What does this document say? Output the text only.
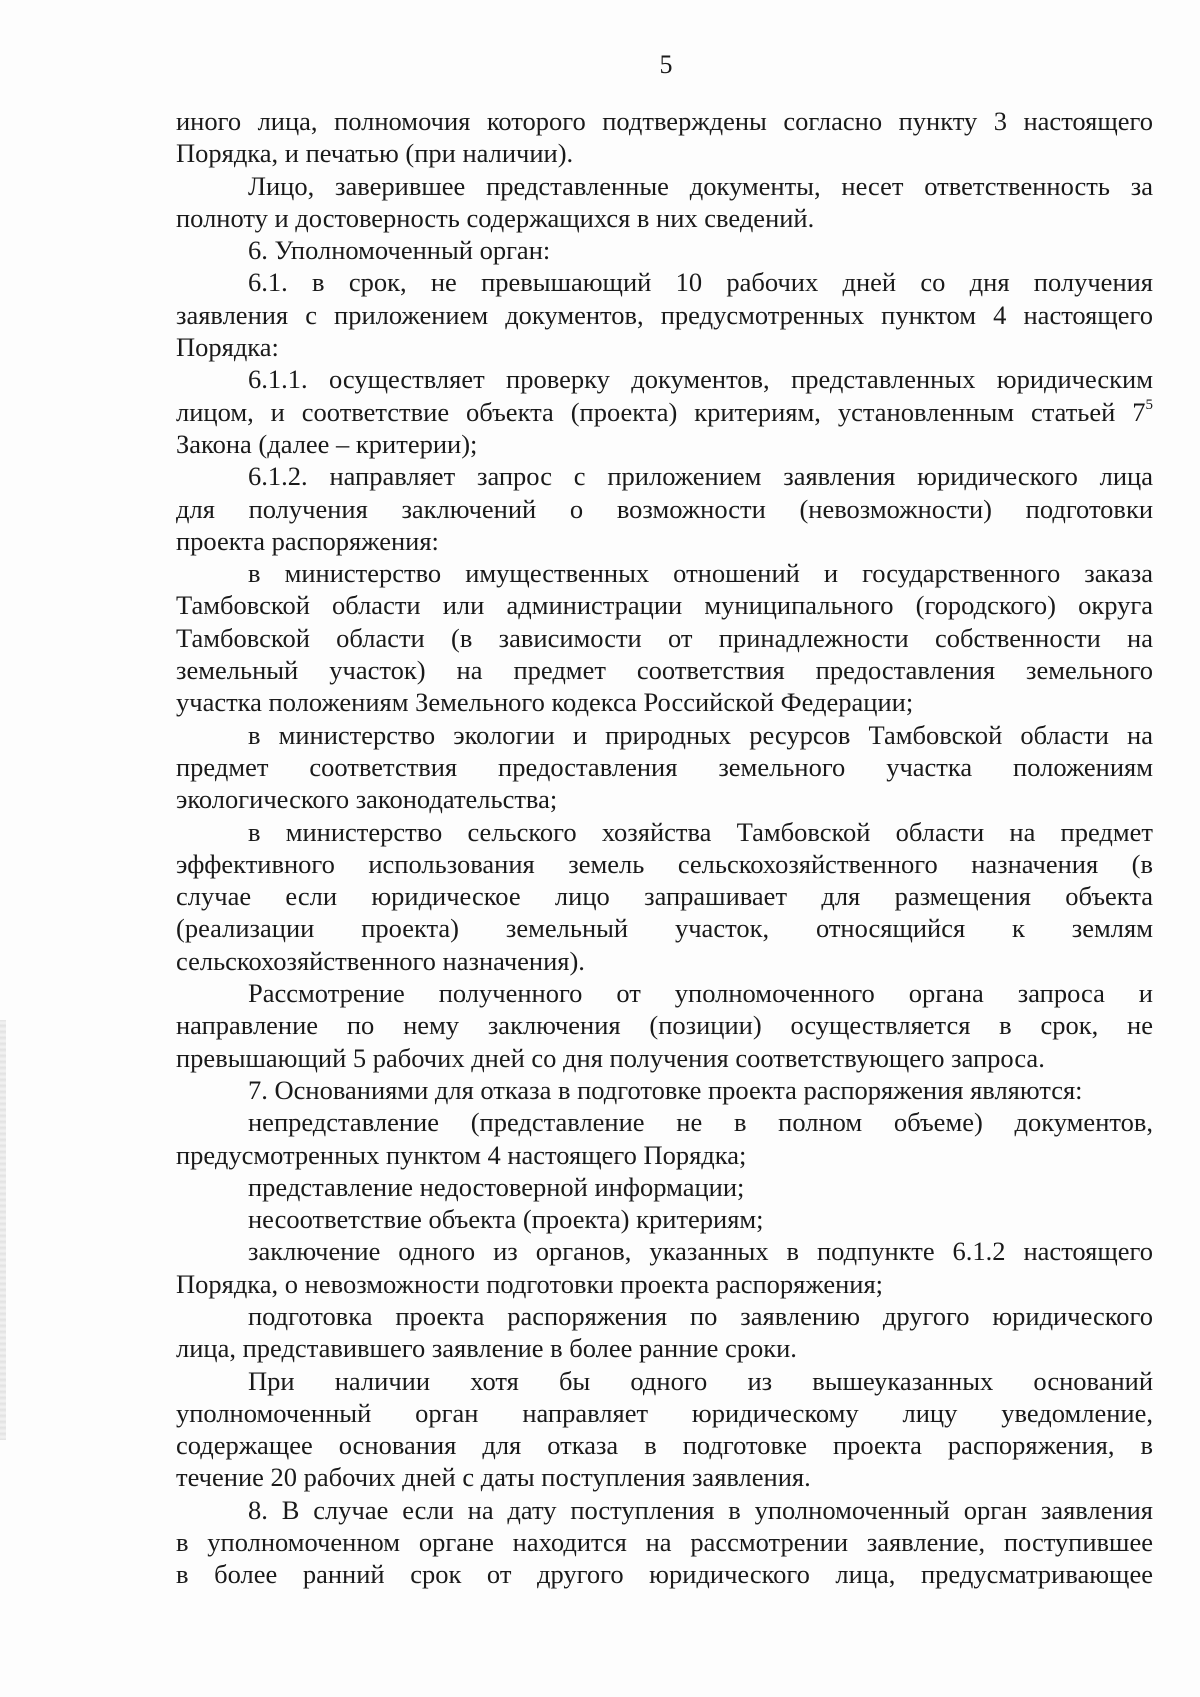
5
иного лица, полномочия которого подтверждены согласно пункту 3 настоящего
Порядка, и печатью (при наличии).
Лицо, заверившее представленные документы, несет ответственность за
полноту и достоверность содержащихся в них сведений.
6. Уполномоченный орган:
6.1. в срок, не превышающий 10 рабочих дней со дня получения
заявления с приложением документов, предусмотренных пунктом 4 настоящего
Порядка:
6.1.1. осуществляет проверку документов, представленных юридическим
лицом, и соответствие объекта (проекта) критериям, установленным статьей $7^5$
Закона (далее – критерии);
6.1.2. направляет запрос с приложением заявления юридического лица
для получения заключений о возможности (невозможности) подготовки
проекта распоряжения:
в министерство имущественных отношений и государственного заказа
Тамбовской области или администрации муниципального (городского) округа
Тамбовской области (в зависимости от принадлежности собственности на
земельный участок) на предмет соответствия предоставления земельного
участка положениям Земельного кодекса Российской Федерации;
в министерство экологии и природных ресурсов Тамбовской области на
предмет соответствия предоставления земельного участка положениям
экологического законодательства;
в министерство сельского хозяйства Тамбовской области на предмет
эффективного использования земель сельскохозяйственного назначения (в
случае если юридическое лицо запрашивает для размещения объекта
(реализации проекта) земельный участок, относящийся к землям
сельскохозяйственного назначения).
Рассмотрение полученного от уполномоченного органа запроса и
направление по нему заключения (позиции) осуществляется в срок, не
превышающий 5 рабочих дней со дня получения соответствующего запроса.
7. Основаниями для отказа в подготовке проекта распоряжения являются:
непредставление (представление не в полном объеме) документов,
предусмотренных пунктом 4 настоящего Порядка;
представление недостоверной информации;
несоответствие объекта (проекта) критериям;
заключение одного из органов, указанных в подпункте 6.1.2 настоящего
Порядка, о невозможности подготовки проекта распоряжения;
подготовка проекта распоряжения по заявлению другого юридического
лица, представившего заявление в более ранние сроки.
При наличии хотя бы одного из вышеуказанных оснований
уполномоченный орган направляет юридическому лицу уведомление,
содержащее основания для отказа в подготовке проекта распоряжения, в
течение 20 рабочих дней с даты поступления заявления.
8. В случае если на дату поступления в уполномоченный орган заявления
в уполномоченном органе находится на рассмотрении заявление, поступившее
в более ранний срок от другого юридического лица, предусматривающее
